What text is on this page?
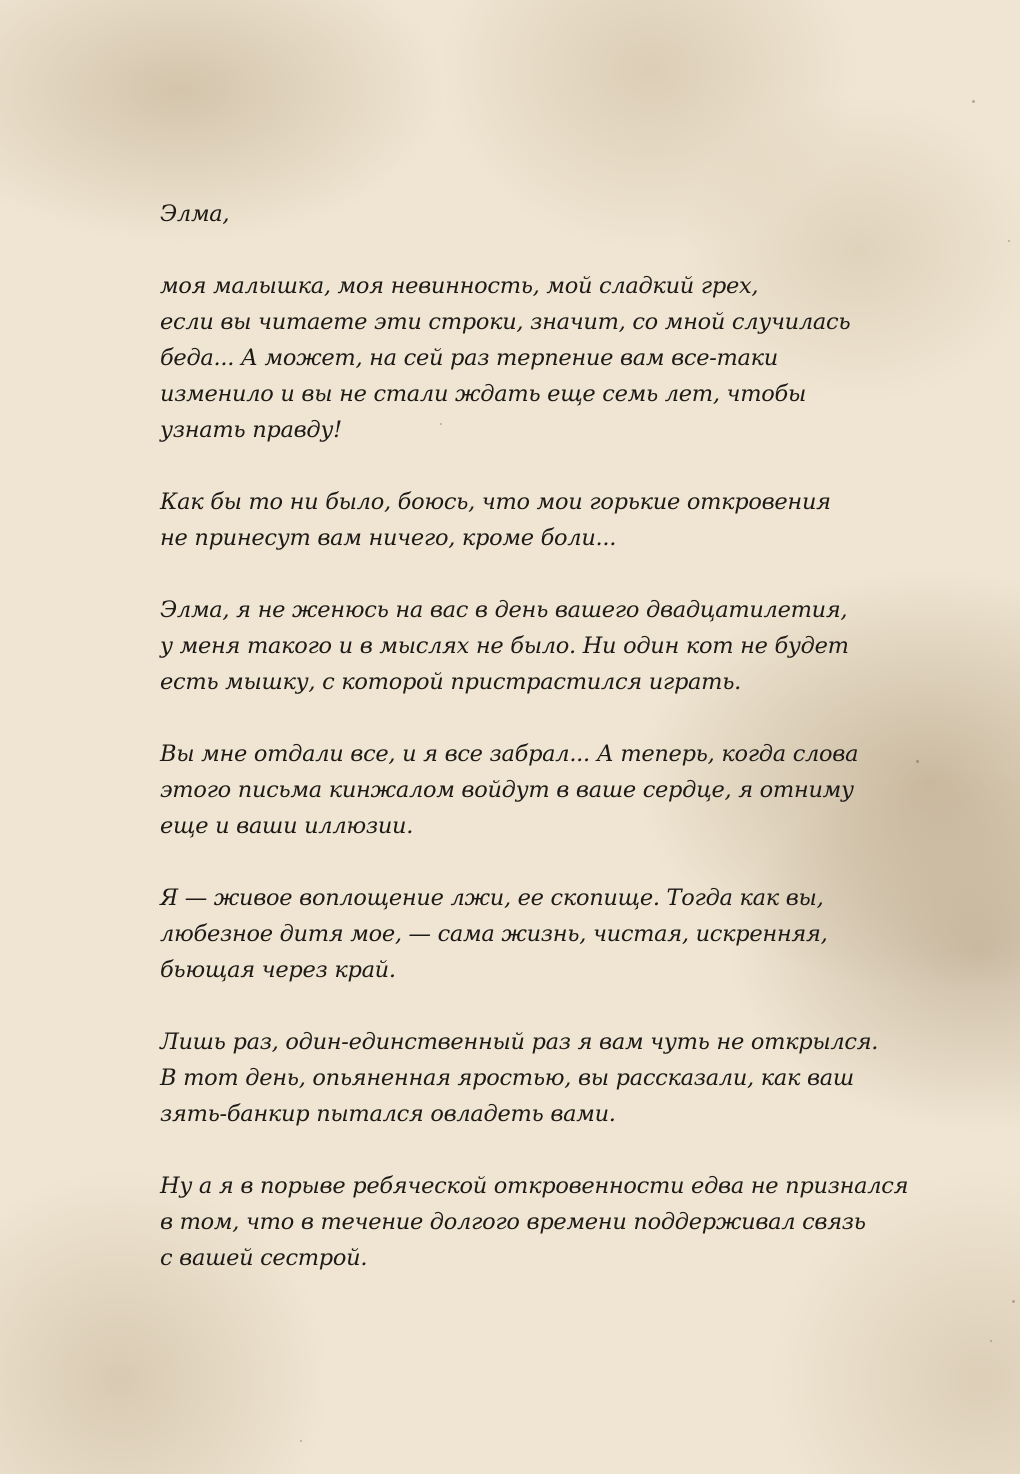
Элма,
моя малышка, моя невинность, мой сладкий грех,
если вы читаете эти строки, значит, со мной случилась
беда... А может, на сей раз терпение вам все-таки
изменило и вы не стали ждать еще семь лет, чтобы
узнать правду!
Как бы то ни было, боюсь, что мои горькие откровения
не принесут вам ничего, кроме боли...
Элма, я не женюсь на вас в день вашего двадцатилетия,
у меня такого и в мыслях не было. Ни один кот не будет
есть мышку, с которой пристрастился играть.
Вы мне отдали все, и я все забрал... А теперь, когда слова
этого письма кинжалом войдут в ваше сердце, я отниму
еще и ваши иллюзии.
Я — живое воплощение лжи, ее скопище. Тогда как вы,
любезное дитя мое, — сама жизнь, чистая, искренняя,
бьющая через край.
Лишь раз, один-единственный раз я вам чуть не открылся.
В тот день, опьяненная яростью, вы рассказали, как ваш
зять-банкир пытался овладеть вами.
Ну а я в порыве ребяческой откровенности едва не признался
в том, что в течение долгого времени поддерживал связь
с вашей сестрой.
